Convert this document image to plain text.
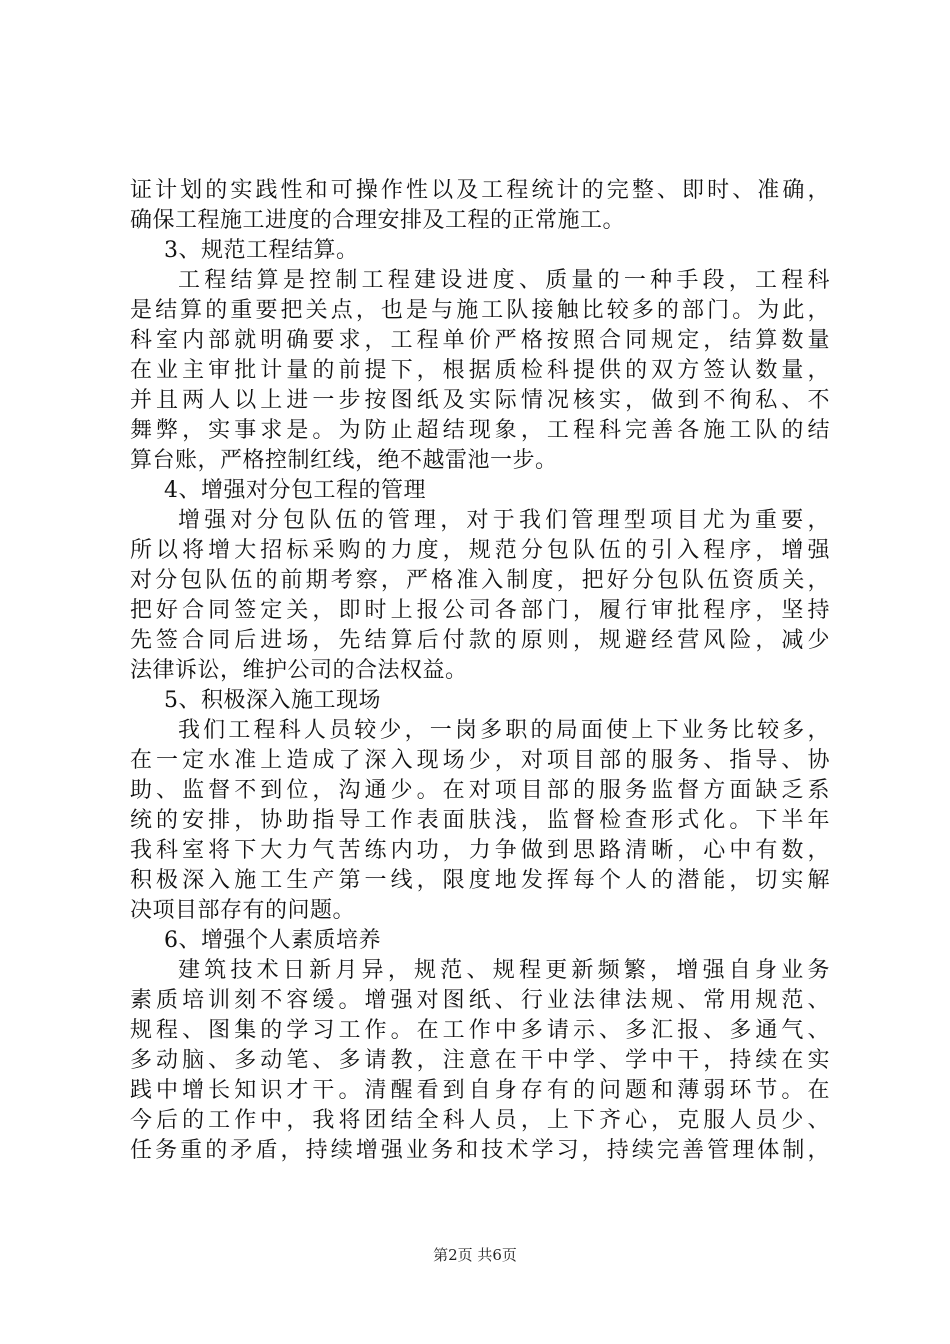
证计划的实践性和可操作性以及工程统计的完整、即时、准确，
确保工程施工进度的合理安排及工程的正常施工。
3、规范工程结算。
工程结算是控制工程建设进度、质量的一种手段，工程科
是结算的重要把关点，也是与施工队接触比较多的部门。为此，
科室内部就明确要求，工程单价严格按照合同规定，结算数量
在业主审批计量的前提下，根据质检科提供的双方签认数量，
并且两人以上进一步按图纸及实际情况核实，做到不徇私、不
舞弊，实事求是。为防止超结现象，工程科完善各施工队的结
算台账，严格控制红线，绝不越雷池一步。
4、增强对分包工程的管理
增强对分包队伍的管理，对于我们管理型项目尤为重要，
所以将增大招标采购的力度，规范分包队伍的引入程序，增强
对分包队伍的前期考察，严格准入制度，把好分包队伍资质关，
把好合同签定关，即时上报公司各部门，履行审批程序，坚持
先签合同后进场，先结算后付款的原则，规避经营风险，减少
法律诉讼，维护公司的合法权益。
5、积极深入施工现场
我们工程科人员较少，一岗多职的局面使上下业务比较多，
在一定水准上造成了深入现场少，对项目部的服务、指导、协
助、监督不到位，沟通少。在对项目部的服务监督方面缺乏系
统的安排，协助指导工作表面肤浅，监督检查形式化。下半年
我科室将下大力气苦练内功，力争做到思路清晰，心中有数，
积极深入施工生产第一线，限度地发挥每个人的潜能，切实解
决项目部存有的问题。
6、增强个人素质培养
建筑技术日新月异，规范、规程更新频繁，增强自身业务
素质培训刻不容缓。增强对图纸、行业法律法规、常用规范、
规程、图集的学习工作。在工作中多请示、多汇报、多通气、
多动脑、多动笔、多请教，注意在干中学、学中干，持续在实
践中增长知识才干。清醒看到自身存有的问题和薄弱环节。在
今后的工作中，我将团结全科人员，上下齐心，克服人员少、
任务重的矛盾，持续增强业务和技术学习，持续完善管理体制，
第2页 共6页
